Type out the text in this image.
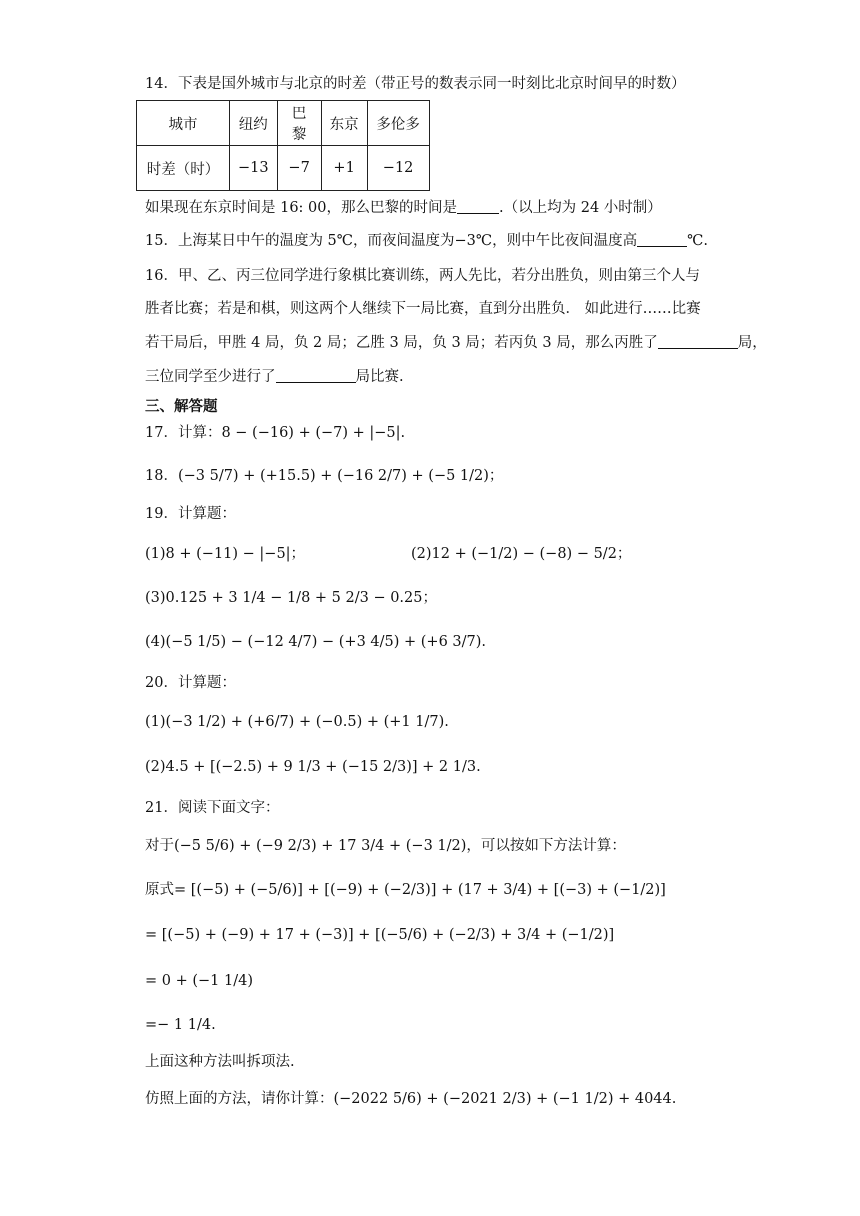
14．下表是国外城市与北京的时差（带正号的数表示同一时刻比北京时间早的时数）
城市	纽约	巴黎	东京	多伦多
时差（时）	−13	−7	+1	−12
如果现在东京时间是 16: 00，那么巴黎的时间是	.（以上均为 24 小时制）
15．上海某日中午的温度为 5℃，而夜间温度为−3℃，则中午比夜间温度高	℃.
16．甲、乙、丙三位同学进行象棋比赛训练，两人先比，若分出胜负，则由第三个人与
胜者比赛；若是和棋，则这两个人继续下一局比赛，直到分出胜负． 如此进行……比赛
若干局后，甲胜 4 局，负 2 局；乙胜 3 局，负 3 局；若丙负 3 局，那么丙胜了	局，
三位同学至少进行了	局比赛.
三、解答题
17．计算：8 − (−16) + (−7) + |−5|.
18．(−3 5/7) + (+15.5) + (−16 2/7) + (−5 1/2)；
19．计算题：
(1)8 + (−11) − |−5|；	(2)12 + (−1/2) − (−8) − 5/2；
(3)0.125 + 3 1/4 − 1/8 + 5 2/3 − 0.25；
(4)(−5 1/5) − (−12 4/7) − (+3 4/5) + (+6 3/7).
20．计算题：
(1)(−3 1/2) + (+6/7) + (−0.5) + (+1 1/7).
(2)4.5 + [(−2.5) + 9 1/3 + (−15 2/3)] + 2 1/3.
21．阅读下面文字：
对于(−5 5/6) + (−9 2/3) + 17 3/4 + (−3 1/2)，可以按如下方法计算：
原式= [(−5) + (−5/6)] + [(−9) + (−2/3)] + (17 + 3/4) + [(−3) + (−1/2)]
= [(−5) + (−9) + 17 + (−3)] + [(−5/6) + (−2/3) + 3/4 + (−1/2)]
= 0 + (−1 1/4)
=− 1 1/4.
上面这种方法叫拆项法.
仿照上面的方法，请你计算：(−2022 5/6) + (−2021 2/3) + (−1 1/2) + 4044.
